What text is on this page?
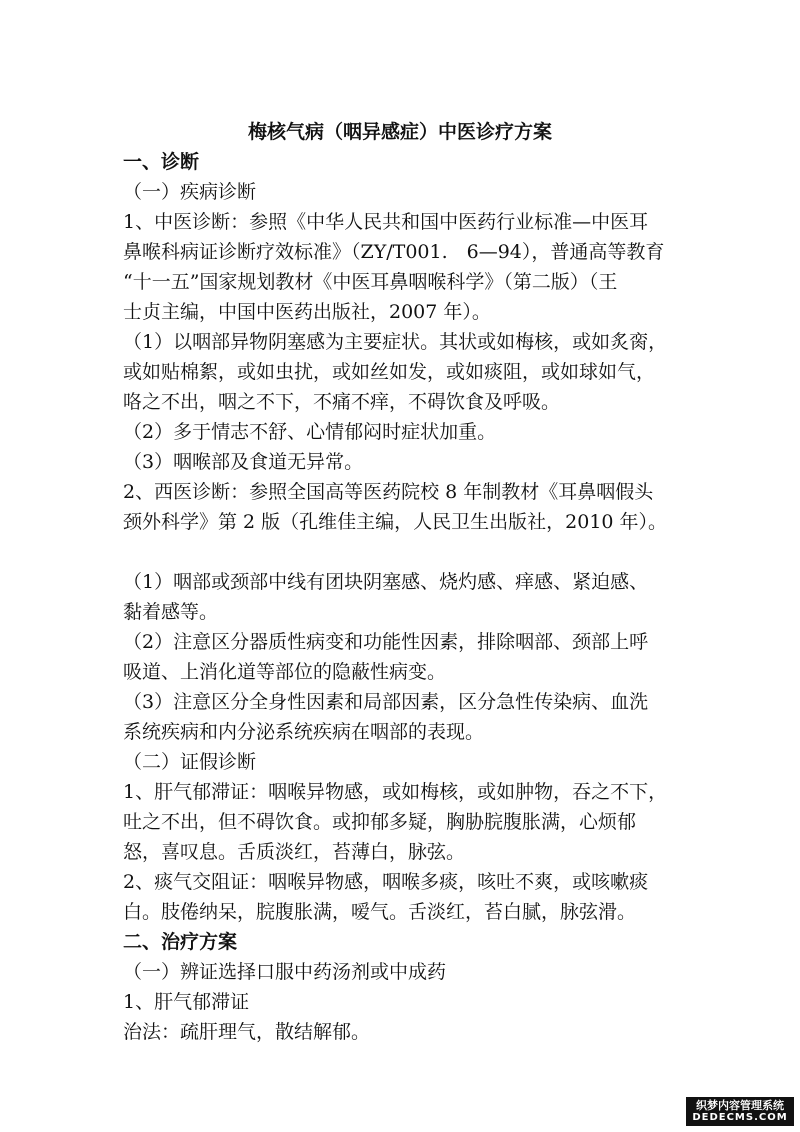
梅核气病（咽异感症）中医诊疗方案
一、诊断
（一）疾病诊断
1、中医诊断：参照《中华人民共和国中医药行业标准—中医耳
鼻喉科病证诊断疗效标准》（ZY/T001.　6—94），普通高等教育
“十一五”国家规划教材《中医耳鼻咽喉科学》（第二版）（王
士贞主编，中国中医药出版社，2007 年）。
（1）以咽部异物阴塞感为主要症状。其状或如梅核，或如炙脔，
或如贴棉絮，或如虫扰，或如丝如发，或如痰阻，或如球如气，
咯之不出，咽之不下，不痛不痒，不碍饮食及呼吸。
（2）多于情志不舒、心情郁闷时症状加重。
（3）咽喉部及食道无异常。
2、西医诊断：参照全国高等医药院校 8 年制教材《耳鼻咽假头
颈外科学》第 2 版（孔维佳主编，人民卫生出版社，2010 年）。
（1）咽部或颈部中线有团块阴塞感、烧灼感、痒感、紧迫感、
黏着感等。
（2）注意区分器质性病变和功能性因素，排除咽部、颈部上呼
吸道、上消化道等部位的隐蔽性病变。
（3）注意区分全身性因素和局部因素，区分急性传染病、血洗
系统疾病和内分泌系统疾病在咽部的表现。
（二）证假诊断
1、肝气郁滞证：咽喉异物感，或如梅核，或如肿物，吞之不下，
吐之不出，但不碍饮食。或抑郁多疑，胸胁脘腹胀满，心烦郁
怒，喜叹息。舌质淡红，苔薄白，脉弦。
2、痰气交阻证：咽喉异物感，咽喉多痰，咳吐不爽，或咳嗽痰
白。肢倦纳呆，脘腹胀满，嗳气。舌淡红，苔白腻，脉弦滑。
二、治疗方案
（一）辨证选择口服中药汤剂或中成药
1、肝气郁滞证
治法：疏肝理气，散结解郁。
织梦内容管理系统
DEDECMS.COM
